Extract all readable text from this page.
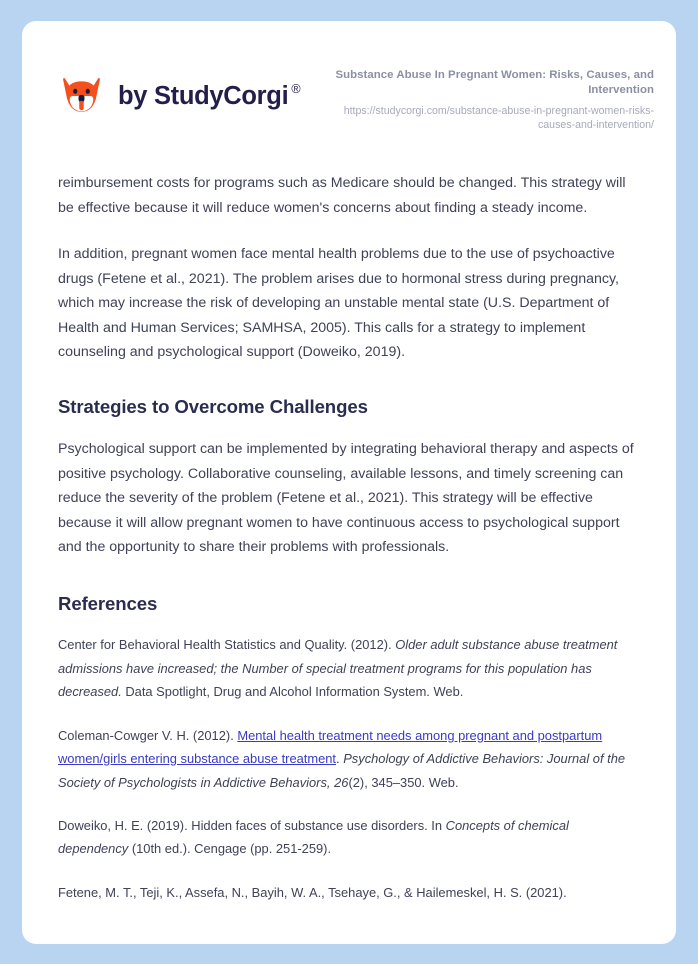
by StudyCorgi ®
Substance Abuse In Pregnant Women: Risks, Causes, and Intervention
https://studycorgi.com/substance-abuse-in-pregnant-women-risks-causes-and-intervention/

reimbursement costs for programs such as Medicare should be changed. This strategy will be effective because it will reduce women's concerns about finding a steady income.

In addition, pregnant women face mental health problems due to the use of psychoactive drugs (Fetene et al., 2021). The problem arises due to hormonal stress during pregnancy, which may increase the risk of developing an unstable mental state (U.S. Department of Health and Human Services; SAMHSA, 2005). This calls for a strategy to implement counseling and psychological support (Doweiko, 2019).

Strategies to Overcome Challenges

Psychological support can be implemented by integrating behavioral therapy and aspects of positive psychology. Collaborative counseling, available lessons, and timely screening can reduce the severity of the problem (Fetene et al., 2021). This strategy will be effective because it will allow pregnant women to have continuous access to psychological support and the opportunity to share their problems with professionals.

References

Center for Behavioral Health Statistics and Quality. (2012). Older adult substance abuse treatment admissions have increased; the Number of special treatment programs for this population has decreased. Data Spotlight, Drug and Alcohol Information System. Web.

Coleman-Cowger V. H. (2012). Mental health treatment needs among pregnant and postpartum women/girls entering substance abuse treatment. Psychology of Addictive Behaviors: Journal of the Society of Psychologists in Addictive Behaviors, 26(2), 345–350. Web.

Doweiko, H. E. (2019). Hidden faces of substance use disorders. In Concepts of chemical dependency (10th ed.). Cengage (pp. 251-259).

Fetene, M. T., Teji, K., Assefa, N., Bayih, W. A., Tsehaye, G., & Hailemeskel, H. S. (2021).
